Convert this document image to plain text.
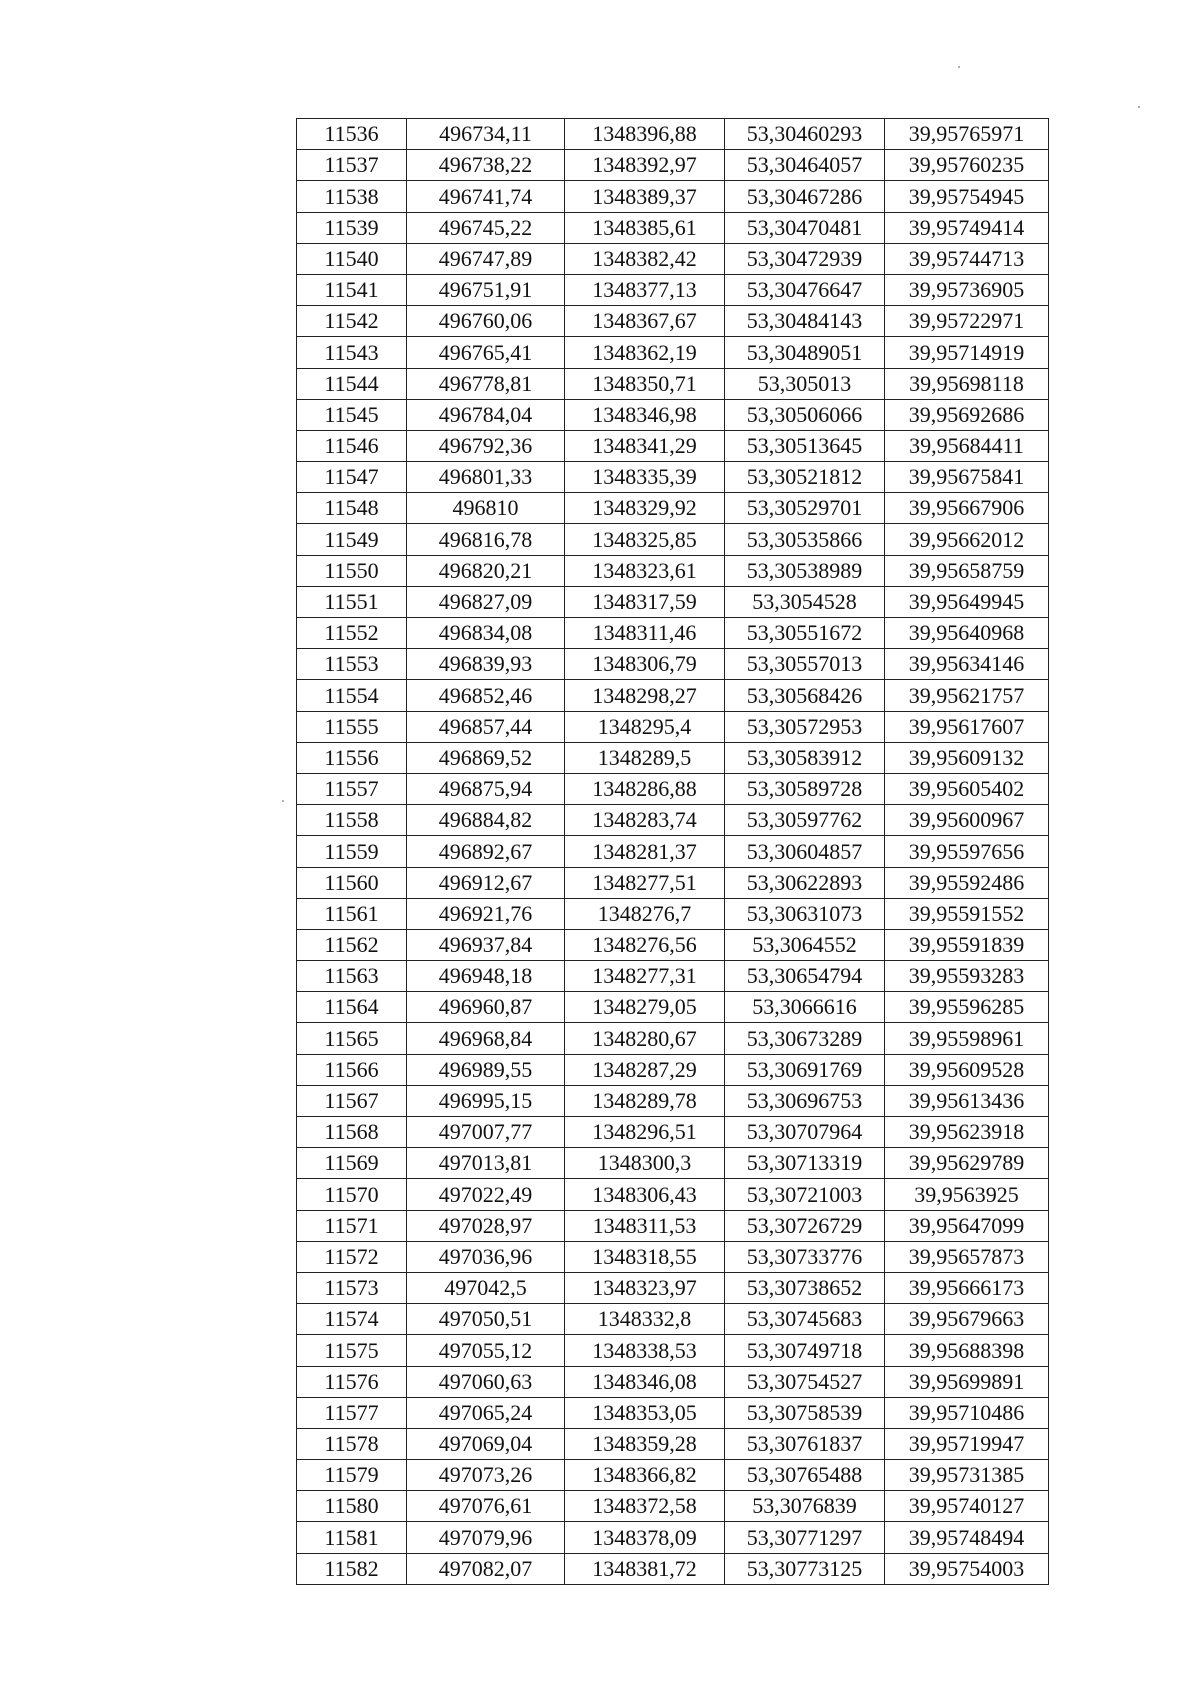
11536	496734,11	1348396,88	53,30460293	39,95765971
11537	496738,22	1348392,97	53,30464057	39,95760235
11538	496741,74	1348389,37	53,30467286	39,95754945
11539	496745,22	1348385,61	53,30470481	39,95749414
11540	496747,89	1348382,42	53,30472939	39,95744713
11541	496751,91	1348377,13	53,30476647	39,95736905
11542	496760,06	1348367,67	53,30484143	39,95722971
11543	496765,41	1348362,19	53,30489051	39,95714919
11544	496778,81	1348350,71	53,305013	39,95698118
11545	496784,04	1348346,98	53,30506066	39,95692686
11546	496792,36	1348341,29	53,30513645	39,95684411
11547	496801,33	1348335,39	53,30521812	39,95675841
11548	496810	1348329,92	53,30529701	39,95667906
11549	496816,78	1348325,85	53,30535866	39,95662012
11550	496820,21	1348323,61	53,30538989	39,95658759
11551	496827,09	1348317,59	53,3054528	39,95649945
11552	496834,08	1348311,46	53,30551672	39,95640968
11553	496839,93	1348306,79	53,30557013	39,95634146
11554	496852,46	1348298,27	53,30568426	39,95621757
11555	496857,44	1348295,4	53,30572953	39,95617607
11556	496869,52	1348289,5	53,30583912	39,95609132
11557	496875,94	1348286,88	53,30589728	39,95605402
11558	496884,82	1348283,74	53,30597762	39,95600967
11559	496892,67	1348281,37	53,30604857	39,95597656
11560	496912,67	1348277,51	53,30622893	39,95592486
11561	496921,76	1348276,7	53,30631073	39,95591552
11562	496937,84	1348276,56	53,3064552	39,95591839
11563	496948,18	1348277,31	53,30654794	39,95593283
11564	496960,87	1348279,05	53,3066616	39,95596285
11565	496968,84	1348280,67	53,30673289	39,95598961
11566	496989,55	1348287,29	53,30691769	39,95609528
11567	496995,15	1348289,78	53,30696753	39,95613436
11568	497007,77	1348296,51	53,30707964	39,95623918
11569	497013,81	1348300,3	53,30713319	39,95629789
11570	497022,49	1348306,43	53,30721003	39,9563925
11571	497028,97	1348311,53	53,30726729	39,95647099
11572	497036,96	1348318,55	53,30733776	39,95657873
11573	497042,5	1348323,97	53,30738652	39,95666173
11574	497050,51	1348332,8	53,30745683	39,95679663
11575	497055,12	1348338,53	53,30749718	39,95688398
11576	497060,63	1348346,08	53,30754527	39,95699891
11577	497065,24	1348353,05	53,30758539	39,95710486
11578	497069,04	1348359,28	53,30761837	39,95719947
11579	497073,26	1348366,82	53,30765488	39,95731385
11580	497076,61	1348372,58	53,3076839	39,95740127
11581	497079,96	1348378,09	53,30771297	39,95748494
11582	497082,07	1348381,72	53,30773125	39,95754003
